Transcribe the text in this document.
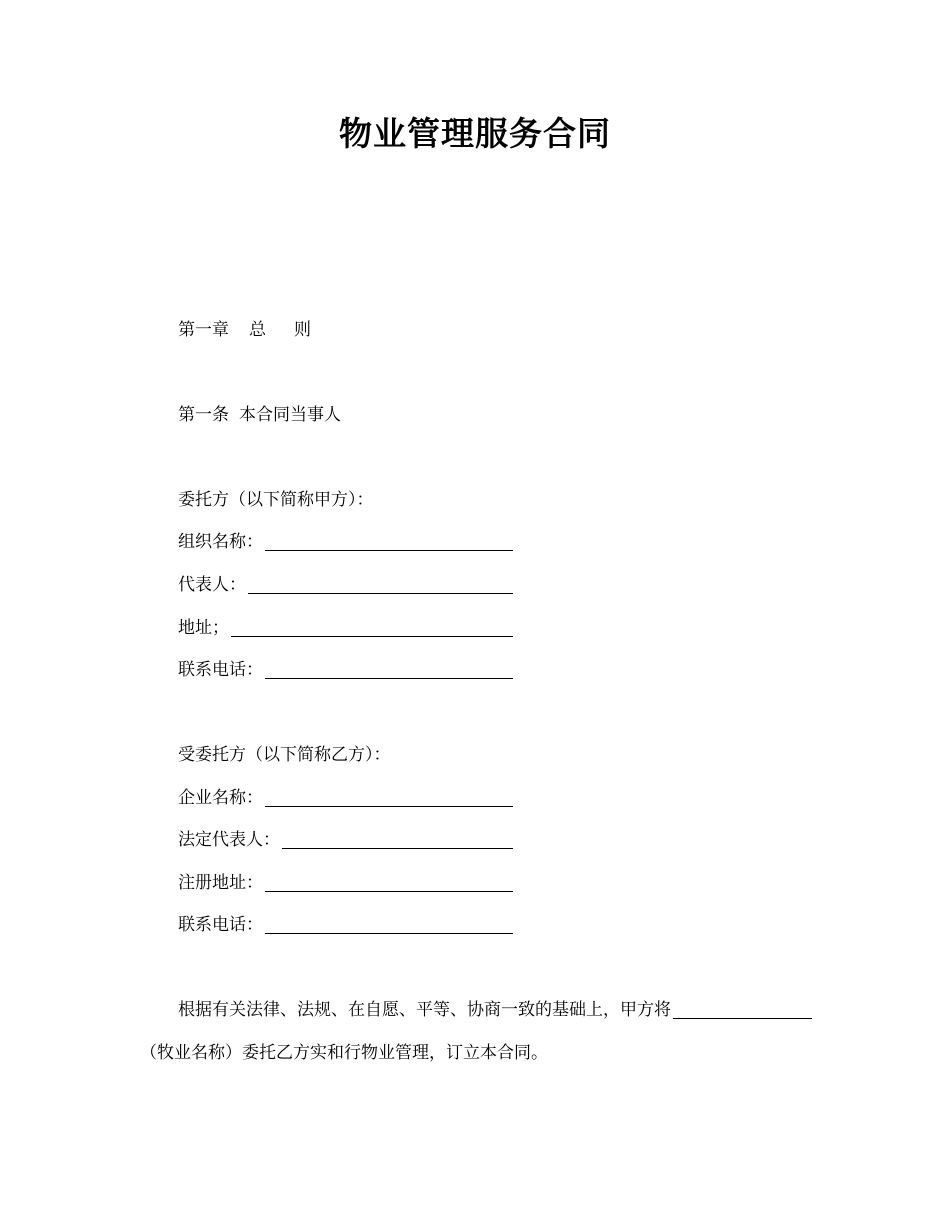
物业管理服务合同
第一章 总 则
第一条 本合同当事人
委托方（以下简称甲方）：
组织名称：
代表人：
地址；
联系电话：
受委托方（以下简称乙方）：
企业名称：
法定代表人：
注册地址：
联系电话：
根据有关法律、法规、在自愿、平等、协商一致的基础上，甲方将
（牧业名称）委托乙方实和行物业管理，订立本合同。
